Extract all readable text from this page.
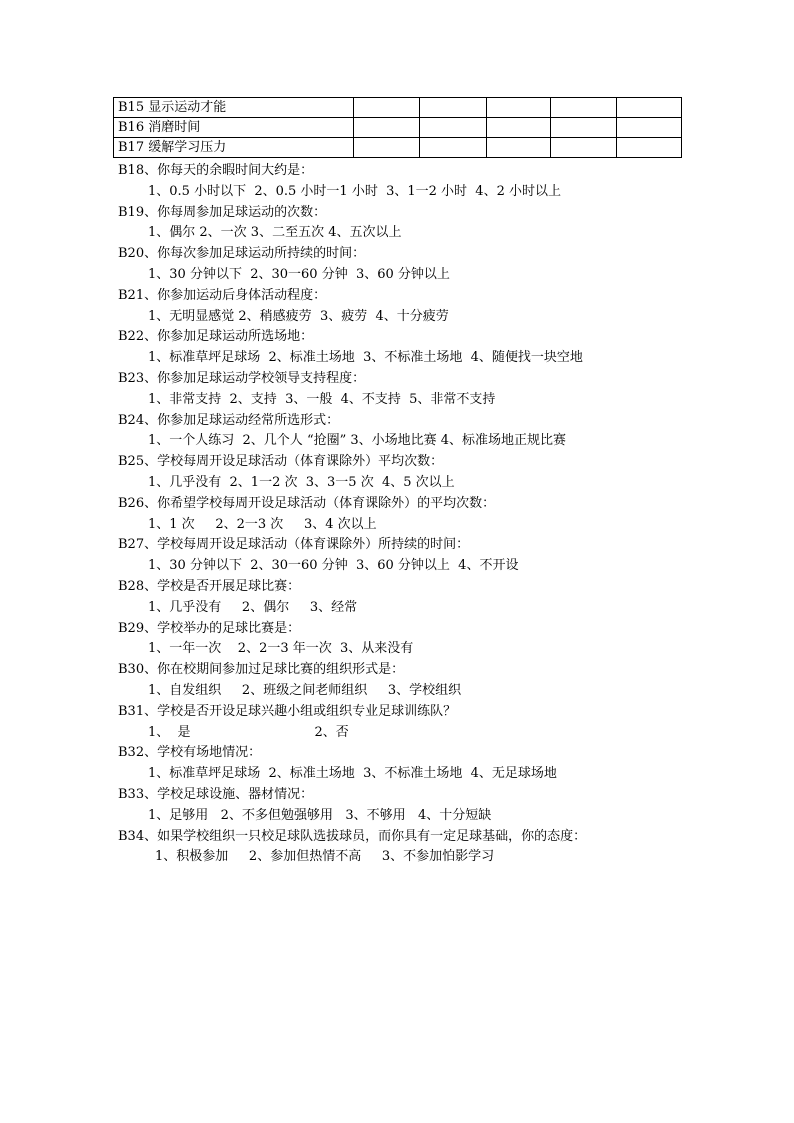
B15 显示运动才能					
B16 消磨时间					
B17 缓解学习压力					
B18、你每天的余暇时间大约是：
1、0.5 小时以下  2、0.5 小时一1 小时  3、1一2 小时  4、2 小时以上
B19、你每周参加足球运动的次数：
1、偶尔 2、一次 3、二至五次 4、五次以上
B20、你每次参加足球运动所持续的时间：
1、30 分钟以下  2、30一60 分钟  3、60 分钟以上
B21、你参加运动后身体活动程度：
1、无明显感觉 2、稍感疲劳  3、疲劳  4、十分疲劳
B22、你参加足球运动所选场地：
1、标准草坪足球场  2、标准土场地  3、不标准土场地  4、随便找一块空地
B23、你参加足球运动学校领导支持程度：
1、非常支持  2、支持  3、一般  4、不支持  5、非常不支持
B24、你参加足球运动经常所选形式：
1、一个人练习  2、几个人 “抢圈” 3、小场地比赛 4、标准场地正规比赛
B25、学校每周开设足球活动（体育课除外）平均次数：
1、几乎没有  2、1一2 次  3、3一5 次  4、5 次以上
B26、你希望学校每周开设足球活动（体育课除外）的平均次数：
1、1 次     2、2一3 次     3、4 次以上
B27、学校每周开设足球活动（体育课除外）所持续的时间：
1、30 分钟以下  2、30一60 分钟  3、60 分钟以上  4、不开设
B28、学校是否开展足球比赛：
1、几乎没有     2、偶尔     3、经常
B29、学校举办的足球比赛是：
1、一年一次    2、2一3 年一次  3、从来没有
B30、你在校期间参加过足球比赛的组织形式是：
1、自发组织     2、班级之间老师组织     3、学校组织
B31、学校是否开设足球兴趣小组或组织专业足球训练队？
1、  是                              2、否
B32、学校有场地情况：
1、标准草坪足球场  2、标准土场地  3、不标准土场地  4、无足球场地
B33、学校足球设施、器材情况：
1、足够用   2、不多但勉强够用   3、不够用   4、十分短缺
B34、如果学校组织一只校足球队选拔球员，而你具有一定足球基础，你的态度：
1、积极参加     2、参加但热情不高     3、不参加怕影学习
